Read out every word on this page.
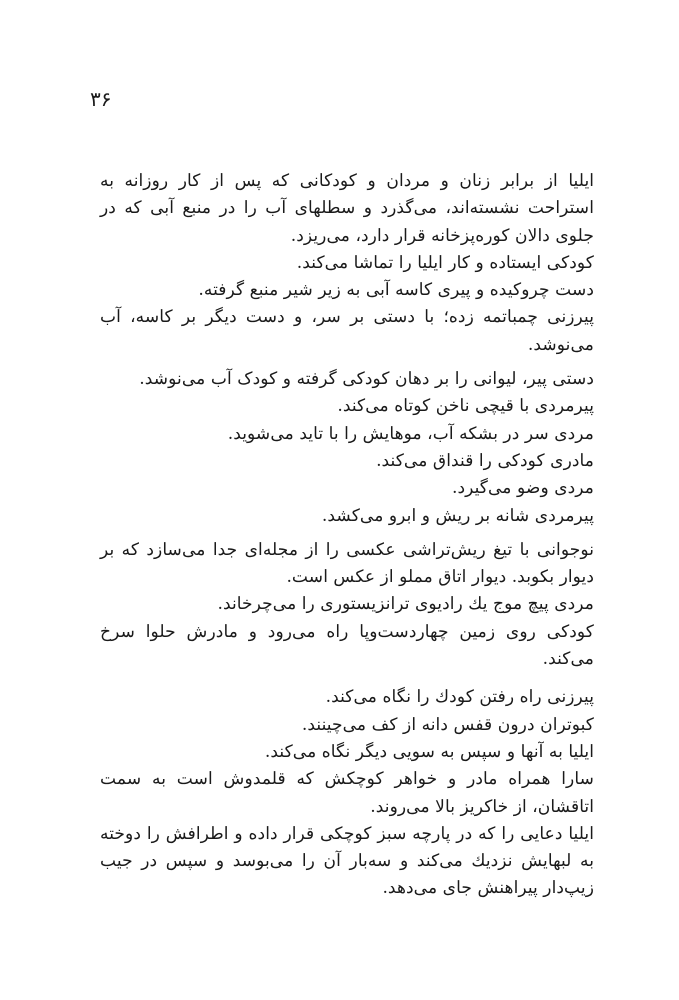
۳۶

ایلیا از برابر زنان و مردان و کودکانی که پس از کار روزانه به استراحت نشسته‌اند، می‌گذرد و سطلهای آب را در منبع آبی که در جلوی دالان کوره‌پزخانه قرار دارد، می‌ریزد.

کودکی ایستاده و کار ایلیا را تماشا می‌کند.

دست چروکیده و پیری کاسه آبی به زیر شیر منبع گرفته.

پیرزنی چمباتمه زده؛ با دستی بر سر، و دست دیگر بر کاسه، آب می‌نوشد.

دستی پیر، لیوانی را بر دهان کودکی گرفته و کودک آب می‌نوشد.

پیرمردی با قیچی ناخن کوتاه می‌کند.

مردی سر در بشکه آب، موهایش را با تاید می‌شوید.

مادری کودکی را قنداق می‌کند.

مردی وضو می‌گیرد.

پیرمردی شانه بر ریش و ابرو می‌کشد.

نوجوانی با تیغ ریش‌تراشی عکسی را از مجله‌ای جدا می‌سازد که بر دیوار بکوبد. دیوار اتاق مملو از عکس است.

مردی پیچ موج یك رادیوی ترانزیستوری را می‌چرخاند.

کودکی روی زمین چهاردست‌وپا راه می‌رود و مادرش حلوا سرخ می‌کند.

پیرزنی راه رفتن کودك را نگاه می‌کند.

کبوتران درون قفس دانه از کف می‌چینند.

ایلیا به آنها و سپس به سویی دیگر نگاه می‌کند.

سارا همراه مادر و خواهر کوچکش که قلمدوش است به سمت اتاقشان، از خاکریز بالا می‌روند.

ایلیا دعایی را که در پارچه سبز کوچکی قرار داده و اطرافش را دوخته به لبهایش نزدیك می‌کند و سه‌بار آن را می‌بوسد و سپس در جیب زیپ‌دار پیراهنش جای می‌دهد.
